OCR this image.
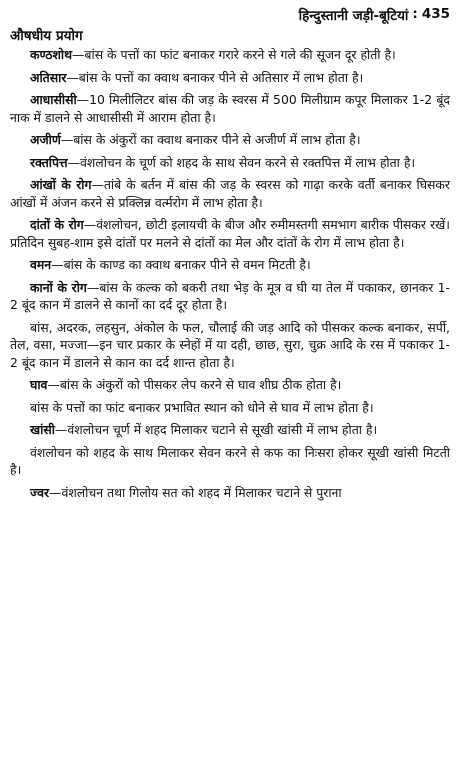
हिन्दुस्तानी जड़ी-बूटियां : 435
औषधीय प्रयोग
कण्ठशोथ—बांस के पत्तों का फांट बनाकर गरारे करने से गले की सूजन दूर होती है।
अतिसार—बांस के पत्तों का क्वाथ बनाकर पीने से अतिसार में लाभ होता है।
आधासीसी—10 मिलीलिटर बांस की जड़ के स्वरस में 500 मिलीग्राम कपूर मिलाकर 1-2 बूंद नाक में डालने से आधासीसी में आराम होता है।
अजीर्ण—बांस के अंकुरों का क्वाथ बनाकर पीने से अजीर्ण में लाभ होता है।
रक्तपित्त—वंशलोचन के चूर्ण को शहद के साथ सेवन करने से रक्तपित्त में लाभ होता है।
आंखों के रोग—तांबे के बर्तन में बांस की जड़ के स्वरस को गाढ़ा करके वर्ती बनाकर घिसकर आंखों में अंजन करने से प्रक्लिन्न वर्त्मरोग में लाभ होता है।
दांतों के रोग—वंशलोचन, छोटी इलायची के बीज और रुमीमस्तगी समभाग बारीक पीसकर रखें। प्रतिदिन सुबह-शाम इसे दांतों पर मलने से दांतों का मेल और दांतों के रोग में लाभ होता है।
वमन—बांस के काण्ड का क्वाथ बनाकर पीने से वमन मिटती है।
कानों के रोग—बांस के कल्क को बकरी तथा भेड़ के मूत्र व घी या तेल में पकाकर, छानकर 1-2 बूंद कान में डालने से कानों का दर्द दूर होता है।
बांस, अदरक, लहसुन, अंकोल के फल, चौलाई की जड़ आदि को पीसकर कल्क बनाकर, सर्पी, तेल, वसा, मज्जा—इन चार प्रकार के स्नेहों में या दही, छाछ, सुरा, चुक्र आदि के रस में पकाकर 1-2 बूंद कान में डालने से कान का दर्द शान्त होता है।
घाव—बांस के अंकुरों को पीसकर लेप करने से घाव शीघ्र ठीक होता है।
बांस के पत्तों का फांट बनाकर प्रभावित स्थान को धोने से घाव में लाभ होता है।
खांसी—वंशलोचन चूर्ण में शहद मिलाकर चटाने से सूखी खांसी में लाभ होता है।
वंशलोचन को शहद के साथ मिलाकर सेवन करने से कफ का निःसरा होकर सूखी खांसी मिटती है।
ज्वर—वंशलोचन तथा गिलोय सत को शहद में मिलाकर चटाने से पुराना
